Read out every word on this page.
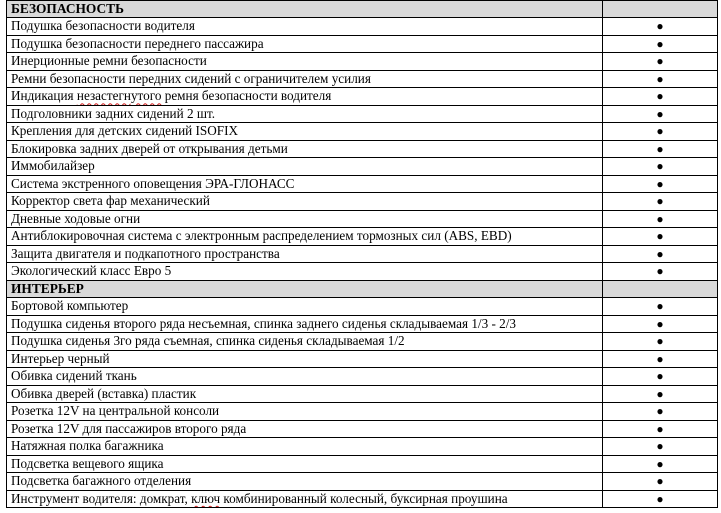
БЕЗОПАСНОСТЬ	
Подушка безопасности водителя	●
Подушка безопасности переднего пассажира	●
Инерционные ремни безопасности	●
Ремни безопасности передних сидений с ограничителем усилия	●
Индикация незастегнутого ремня безопасности водителя	●
Подголовники задних сидений 2 шт.	●
Крепления для детских сидений ISOFIX	●
Блокировка задних дверей от открывания детьми	●
Иммобилайзер	●
Система экстренного оповещения ЭРА-ГЛОНАСС	●
Корректор света фар механический	●
Дневные ходовые огни	●
Антиблокировочная система с электронным распределением тормозных сил (ABS, EBD)	●
Защита двигателя и подкапотного пространства	●
Экологический класс Евро 5	●
ИНТЕРЬЕР	
Бортовой компьютер	●
Подушка сиденья второго ряда несъемная, спинка заднего сиденья складываемая 1/3 - 2/3	●
Подушка сиденья 3го ряда съемная, спинка сиденья складываемая 1/2	●
Интерьер черный	●
Обивка сидений ткань	●
Обивка дверей (вставка) пластик	●
Розетка 12V на центральной консоли	●
Розетка 12V для пассажиров второго ряда	●
Натяжная полка багажника	●
Подсветка вещевого ящика	●
Подсветка багажного отделения	●
Инструмент водителя: домкрат, ключ комбинированный колесный, буксирная проушина	●
